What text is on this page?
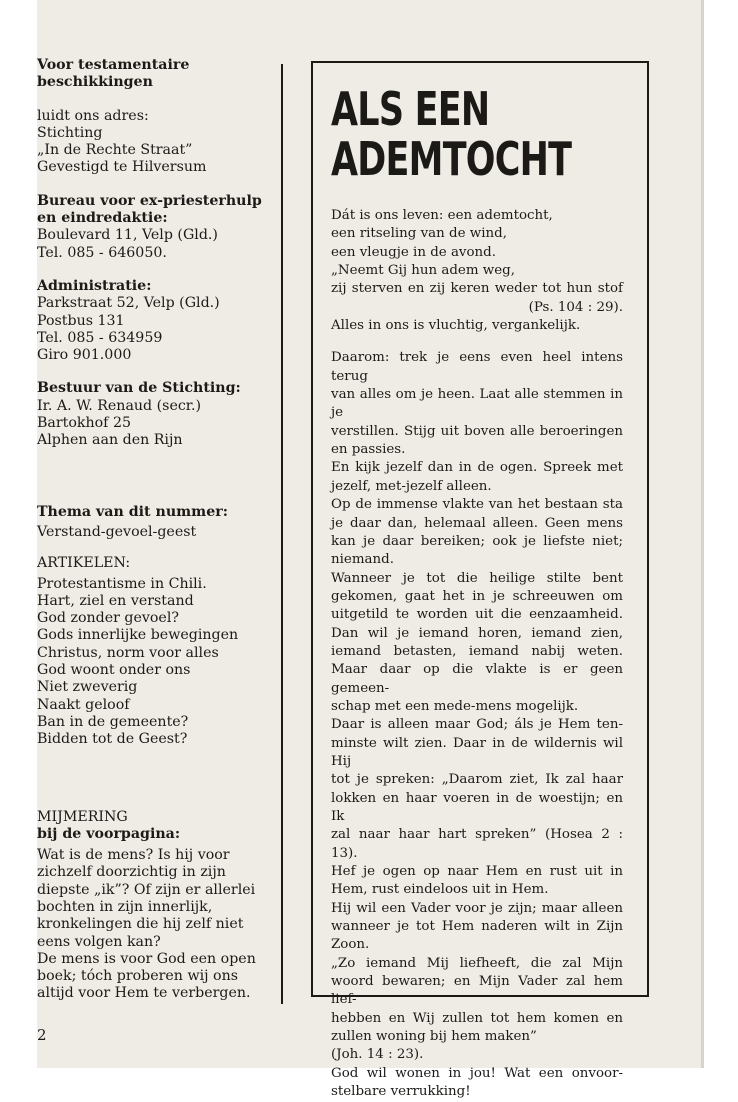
Voor testamentaire

beschikkingen

luidt ons adres:

Stichting

„In de Rechte Straat”

Gevestigd te Hilversum

Bureau voor ex-priesterhulp

en eindredaktie:

Boulevard 11, Velp (Gld.)

Tel. 085 - 646050.

Administratie:

Parkstraat 52, Velp (Gld.)

Postbus 131

Tel. 085 - 634959

Giro 901.000

Bestuur van de Stichting:

Ir. A. W. Renaud (secr.)

Bartokhof 25

Alphen aan den Rijn

Thema van dit nummer:

Verstand-gevoel-geest

ARTIKELEN:

Protestantisme in Chili.

Hart, ziel en verstand

God zonder gevoel?

Gods innerlijke bewegingen

Christus, norm voor alles

God woont onder ons

Niet zweverig

Naakt geloof

Ban in de gemeente?

Bidden tot de Geest?

MIJMERING

bij de voorpagina:

Wat is de mens? Is hij voor

zichzelf doorzichtig in zijn

diepste „ik”? Of zijn er allerlei

bochten in zijn innerlijk,

kronkelingen die hij zelf niet

eens volgen kan?

De mens is voor God een open

boek; tóch proberen wij ons

altijd voor Hem te verbergen.

ALS EEN
ADEMTOCHT

Dát is ons leven: een ademtocht,

een ritseling van de wind,

een vleugje in de avond.

„Neemt Gij hun adem weg,

zij sterven en zij keren weder tot hun stof

(Ps. 104 : 29).

Alles in ons is vluchtig, vergankelijk.

Daarom: trek je eens even heel intens terug

van alles om je heen. Laat alle stemmen in je

verstillen. Stijg uit boven alle beroeringen

en passies.

En kijk jezelf dan in de ogen. Spreek met

jezelf, met-jezelf alleen.

Op de immense vlakte van het bestaan sta

je daar dan, helemaal alleen. Geen mens

kan je daar bereiken; ook je liefste niet;

niemand.

Wanneer je tot die heilige stilte bent

gekomen, gaat het in je schreeuwen om

uitgetild te worden uit die eenzaamheid.

Dan wil je iemand horen, iemand zien,

iemand betasten, iemand nabij weten.

Maar daar op die vlakte is er geen gemeen-

schap met een mede-mens mogelijk.

Daar is alleen maar God; áls je Hem ten-

minste wilt zien. Daar in de wildernis wil Hij

tot je spreken: „Daarom ziet, Ik zal haar

lokken en haar voeren in de woestijn; en Ik

zal naar haar hart spreken” (Hosea 2 : 13).

Hef je ogen op naar Hem en rust uit in

Hem, rust eindeloos uit in Hem.

Hij wil een Vader voor je zijn; maar alleen

wanneer je tot Hem naderen wilt in Zijn

Zoon.

„Zo iemand Mij liefheeft, die zal Mijn

woord bewaren; en Mijn Vader zal hem lief-

hebben en Wij zullen tot hem komen en

zullen woning bij hem maken”

(Joh. 14 : 23).

God wil wonen in jou! Wat een onvoor-

stelbare verrukking!

2
